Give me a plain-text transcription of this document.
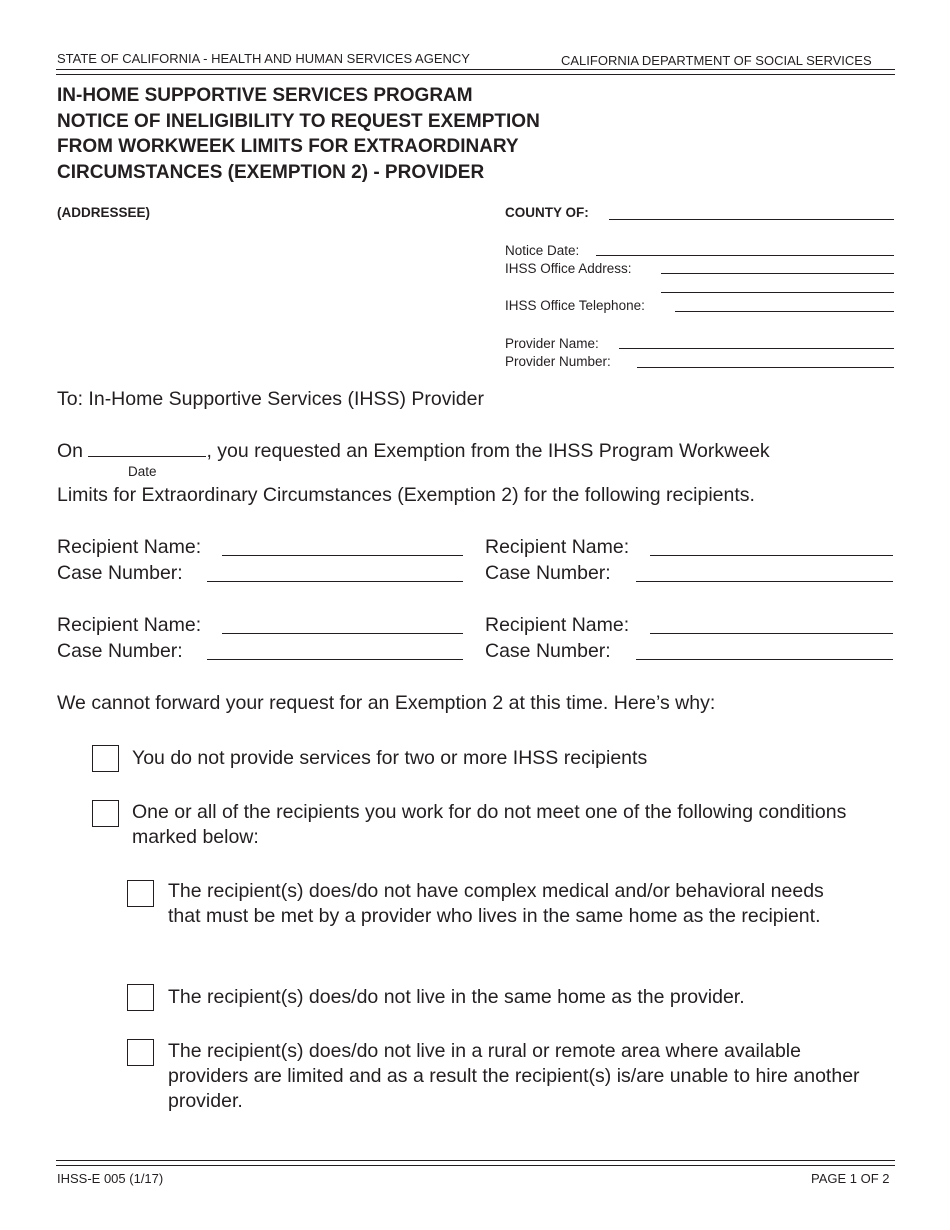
STATE OF CALIFORNIA - HEALTH AND HUMAN SERVICES AGENCY	CALIFORNIA DEPARTMENT OF SOCIAL SERVICES
IN-HOME SUPPORTIVE SERVICES PROGRAM
NOTICE OF INELIGIBILITY TO REQUEST EXEMPTION
FROM WORKWEEK LIMITS FOR EXTRAORDINARY
CIRCUMSTANCES (EXEMPTION 2) - PROVIDER
(ADDRESSEE)	COUNTY OF:
Notice Date:
IHSS Office Address:
IHSS Office Telephone:
Provider Name:
Provider Number:
To: In-Home Supportive Services (IHSS) Provider
On	, you requested an Exemption from the IHSS Program Workweek
Date
Limits for Extraordinary Circumstances (Exemption 2) for the following recipients.
Recipient Name:
Case Number:
Recipient Name:
Case Number:
Recipient Name:
Case Number:
Recipient Name:
Case Number:
We cannot forward your request for an Exemption 2 at this time. Here’s why:
You do not provide services for two or more IHSS recipients
One or all of the recipients you work for do not meet one of the following conditions marked below:
The recipient(s) does/do not have complex medical and/or behavioral needs that must be met by a provider who lives in the same home as the recipient.
The recipient(s) does/do not live in the same home as the provider.
The recipient(s) does/do not live in a rural or remote area where available providers are limited and as a result the recipient(s) is/are unable to hire another provider.
IHSS-E 005 (1/17)	PAGE 1 OF 2
